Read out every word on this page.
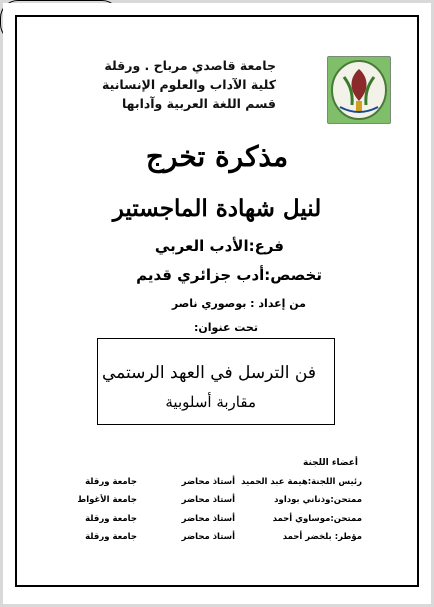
جامعة قاصدي مرباح . ورقلة
كلية الآداب والعلوم الإنسانية
قسم اللغة العربية وآدابها
مذكرة تخرج
لنيل شهادة الماجستير
فرع:الأدب العربي
تخصص:أدب جزائري قديم
من إعداد : بوصوري ناصر
تحت عنوان:
فن الترسل في العهد الرستمي
مقاربة أسلوبية
أعضاء اللجنة
رئيس اللجنة:هيمة عبد الحميد
أستاذ محاضر
جامعة ورقلة
ممتحن:وذناني بوداود
أستاذ محاضر
جامعة الأغواط
ممتحن:موساوي أحمد
أستاذ محاضر
جامعة ورقلة
مؤطر: بلخضر أحمد
أستاذ محاضر
جامعة ورقلة
